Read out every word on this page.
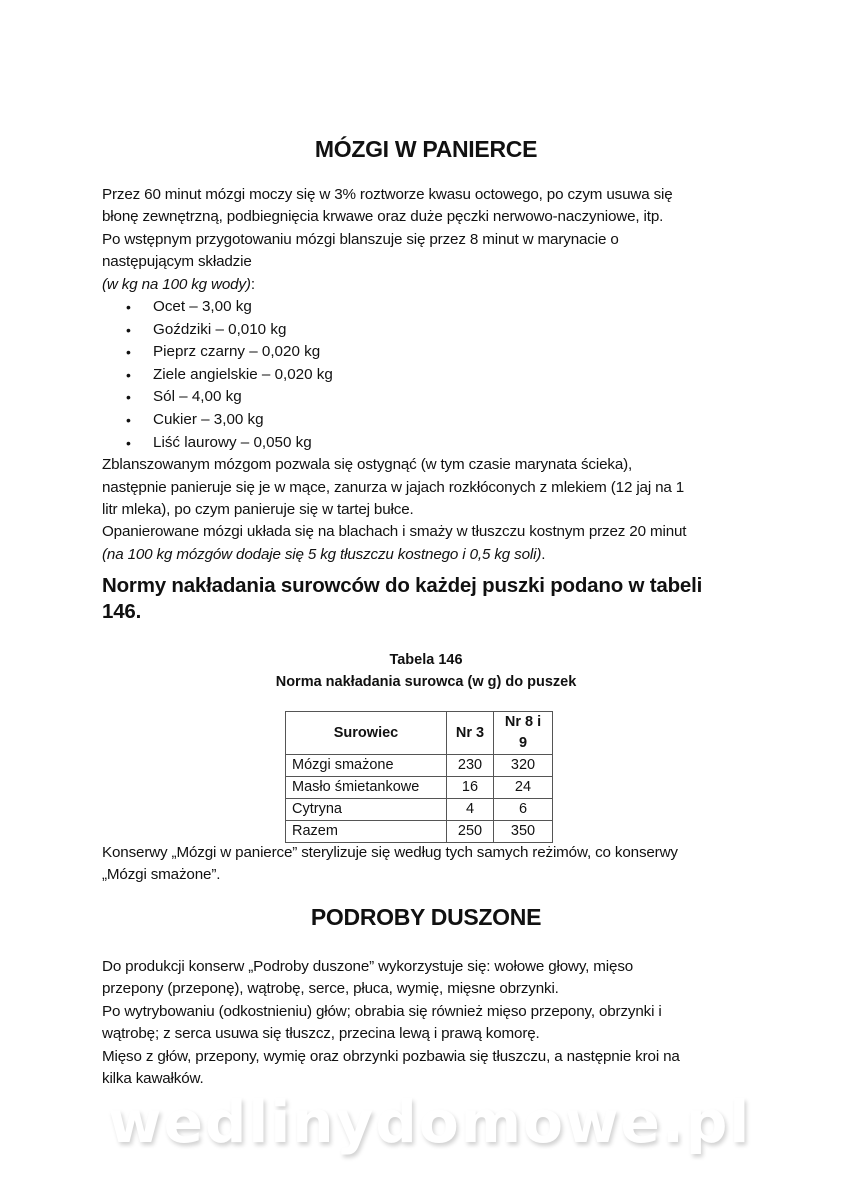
MÓZGI W PANIERCE

Przez 60 minut mózgi moczy się w 3% roztworze kwasu octowego, po czym usuwa się

błonę zewnętrzną, podbiegnięcia krwawe oraz duże pęczki nerwowo-naczyniowe, itp.

Po wstępnym przygotowaniu mózgi blanszuje się przez 8 minut w marynacie o

następującym składzie

(w kg na 100 kg wody):

• Ocet – 3,00 kg
• Goździki – 0,010 kg
• Pieprz czarny – 0,020 kg
• Ziele angielskie – 0,020 kg
• Sól – 4,00 kg
• Cukier – 3,00 kg
• Liść laurowy – 0,050 kg

Zblanszowanym mózgom pozwala się ostygnąć (w tym czasie marynata ścieka),

następnie panieruje się je w mące, zanurza w jajach rozkłóconych z mlekiem (12 jaj na 1

litr mleka), po czym panieruje się w tartej bułce.

Opanierowane mózgi układa się na blachach i smaży w tłuszczu kostnym przez 20 minut

(na 100 kg mózgów dodaje się 5 kg tłuszczu kostnego i 0,5 kg soli).

Normy nakładania surowców do każdej puszki podano w tabeli

146.

Tabela 146
Norma nakładania surowca (w g) do puszek
Surowiec	Nr 3	Nr 8 i 9
Mózgi smażone	230	320
Masło śmietankowe	16	24
Cytryna	4	6
Razem	250	350

Konserwy „Mózgi w panierce” sterylizuje się według tych samych reżimów, co konserwy

„Mózgi smażone”.

PODROBY DUSZONE

Do produkcji konserw „Podroby duszone” wykorzystuje się: wołowe głowy, mięso

przepony (przeponę), wątrobę, serce, płuca, wymię, mięsne obrzynki.

Po wytrybowaniu (odkostnieniu) głów; obrabia się również mięso przepony, obrzynki i

wątrobę; z serca usuwa się tłuszcz, przecina lewą i prawą komorę.

Mięso z głów, przepony, wymię oraz obrzynki pozbawia się tłuszczu, a następnie kroi na

kilka kawałków.

wedlinydomowe.pl
